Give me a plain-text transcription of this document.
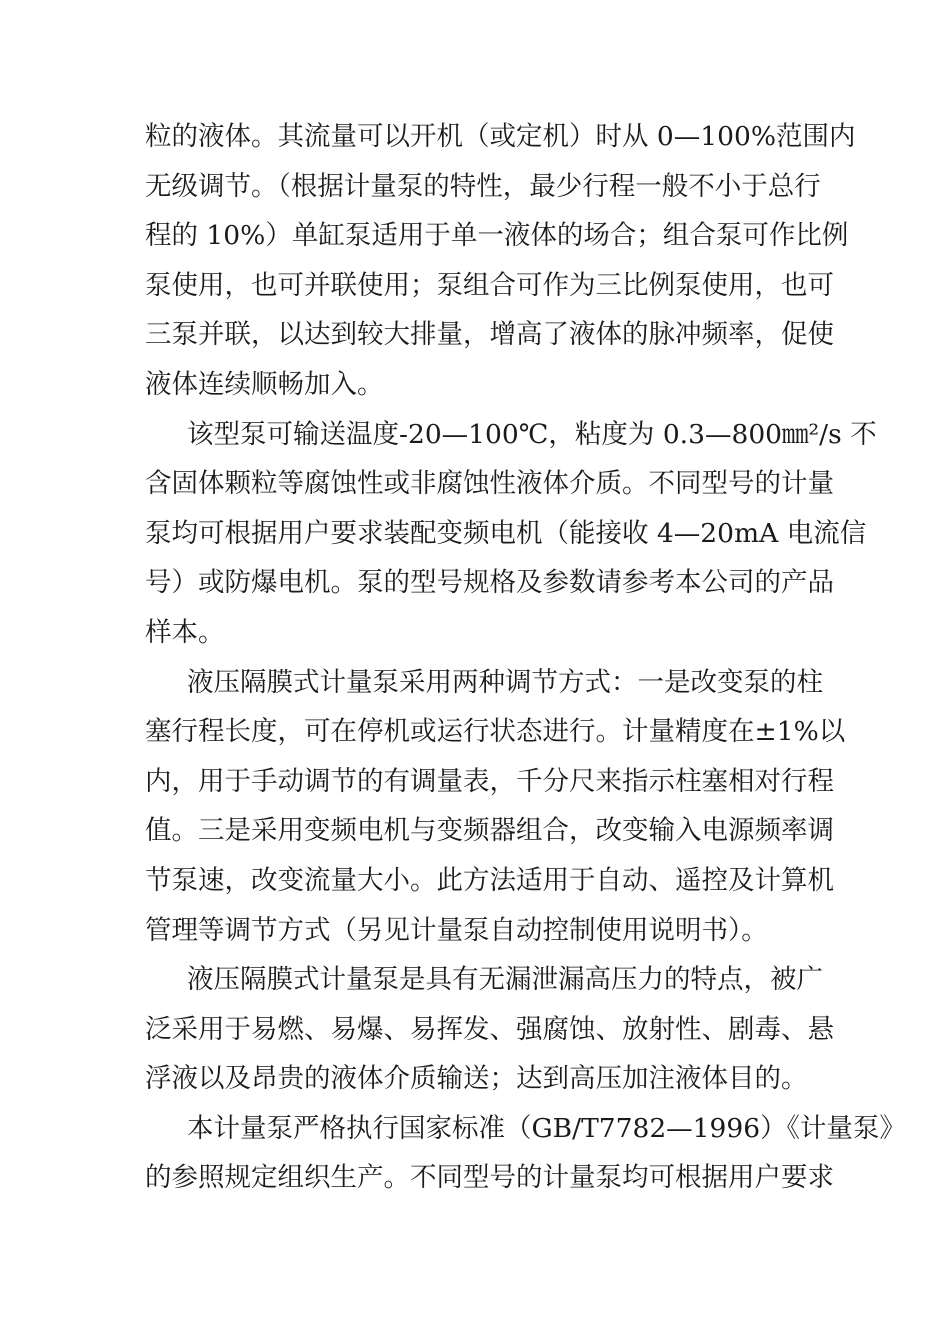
粒的液体。其流量可以开机（或定机）时从 0—100%范围内
无级调节。（根据计量泵的特性，最少行程一般不小于总行
程的 10%）单缸泵适用于单一液体的场合；组合泵可作比例
泵使用，也可并联使用；泵组合可作为三比例泵使用，也可
三泵并联，以达到较大排量，增高了液体的脉冲频率，促使
液体连续顺畅加入。
该型泵可输送温度-20—100℃，粘度为 0.3—800㎜²/s 不
含固体颗粒等腐蚀性或非腐蚀性液体介质。不同型号的计量
泵均可根据用户要求装配变频电机（能接收 4—20mA 电流信
号）或防爆电机。泵的型号规格及参数请参考本公司的产品
样本。
液压隔膜式计量泵采用两种调节方式：一是改变泵的柱
塞行程长度，可在停机或运行状态进行。计量精度在±1%以
内，用于手动调节的有调量表，千分尺来指示柱塞相对行程
值。三是采用变频电机与变频器组合，改变输入电源频率调
节泵速，改变流量大小。此方法适用于自动、遥控及计算机
管理等调节方式（另见计量泵自动控制使用说明书）。
液压隔膜式计量泵是具有无漏泄漏高压力的特点，被广
泛采用于易燃、易爆、易挥发、强腐蚀、放射性、剧毒、悬
浮液以及昂贵的液体介质输送；达到高压加注液体目的。
本计量泵严格执行国家标准（GB/T7782—1996）《计量泵》
的参照规定组织生产。不同型号的计量泵均可根据用户要求
